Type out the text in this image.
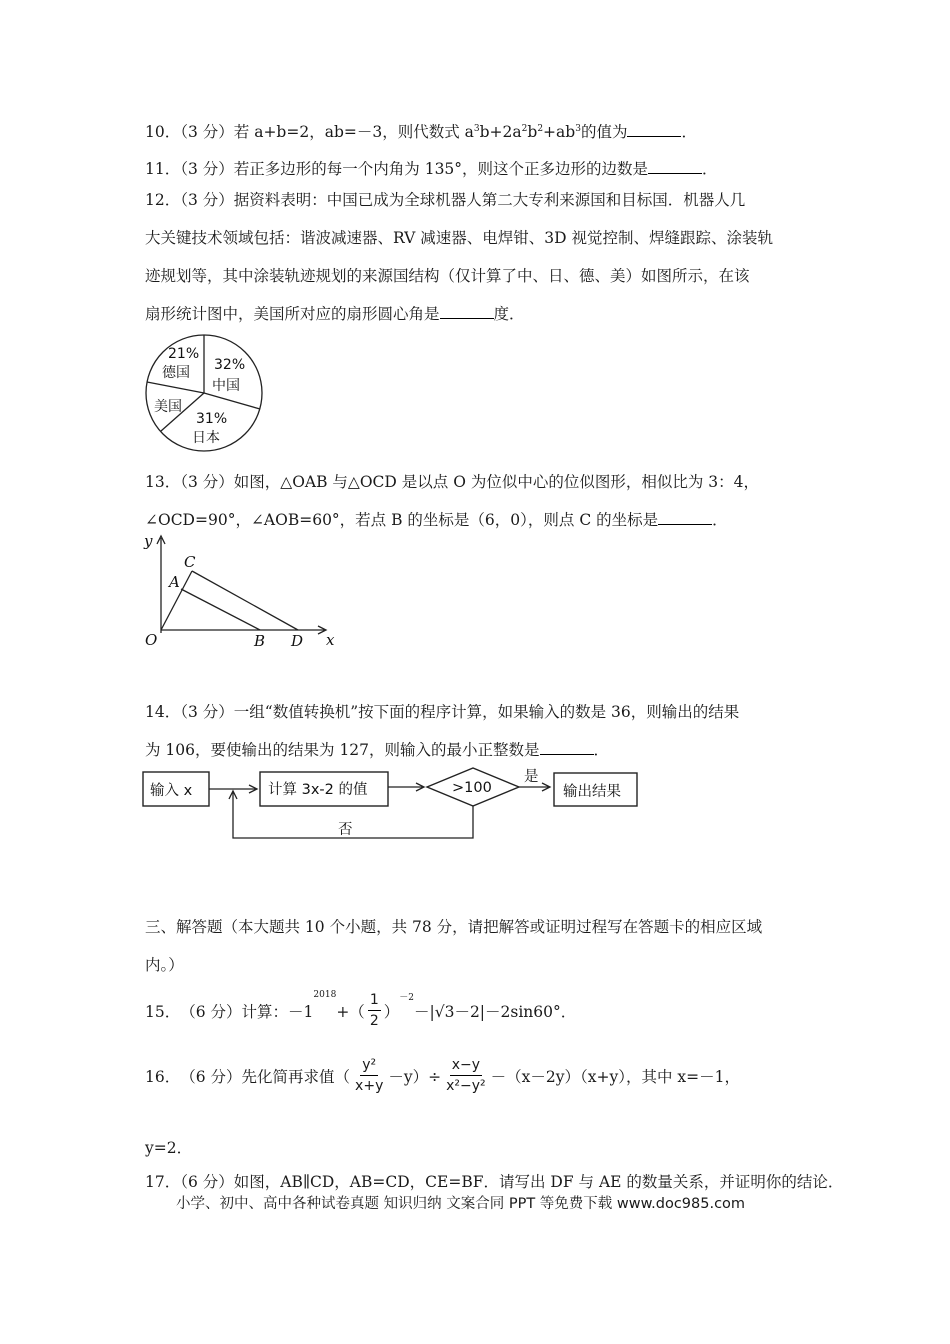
10．（3 分）若 a+b=2，ab=－3，则代数式 $a^3b+2a^2b^2+ab^3$的值为	．
11．（3 分）若正多边形的每一个内角为 135°，则这个正多边形的边数是	．
12．（3 分）据资料表明：中国已成为全球机器人第二大专利来源国和目标国．机器人几
大关键技术领域包括：谐波减速器、RV 减速器、电焊钳、3D 视觉控制、焊缝跟踪、涂装轨
迹规划等，其中涂装轨迹规划的来源国结构（仅计算了中、日、德、美）如图所示，在该
扇形统计图中，美国所对应的扇形圆心角是	度．
21%
德国 32%
中国
美国
31%
日本
13．（3 分）如图，△OAB 与△OCD 是以点 O 为位似中心的位似图形，相似比为 3：4，
∠OCD=90°，∠AOB=60°，若点 B 的坐标是（6，0），则点 C 的坐标是	．
y
x
O
A
C
B D
14．（3 分）一组“数值转换机”按下面的程序计算，如果输入的数是 36，则输出的结果
为 106，要使输出的结果为 127，则输入的最小正整数是	．
输入 x	计算 3x-2 的值	>100
是
输出结果
否
三、解答题（本大题共 10 个小题，共 78 分，请把解答或证明过程写在答题卡的相应区域
内。）
15． （6 分） 计算：－1
$^{2018}$
+（ $\frac{1}{2}$ ）
$^{-2}$
－|√3－2|－2sin60°．
16． （6 分） 先化简再求值（ $\frac{\text{y²}}{x+y} -y)\div \frac{x-y}{\text{x²−y²}} -(x-2y)(x+y)$，其中 x=－1，
y=2．
17．（6 分）如图，AB∥CD，AB=CD，CE=BF．请写出 DF 与 AE 的数量关系，并证明你的结论．
小学、初中、高中各种试卷真题 知识归纳 文案合同 PPT 等免费下载 www.doc985.com
